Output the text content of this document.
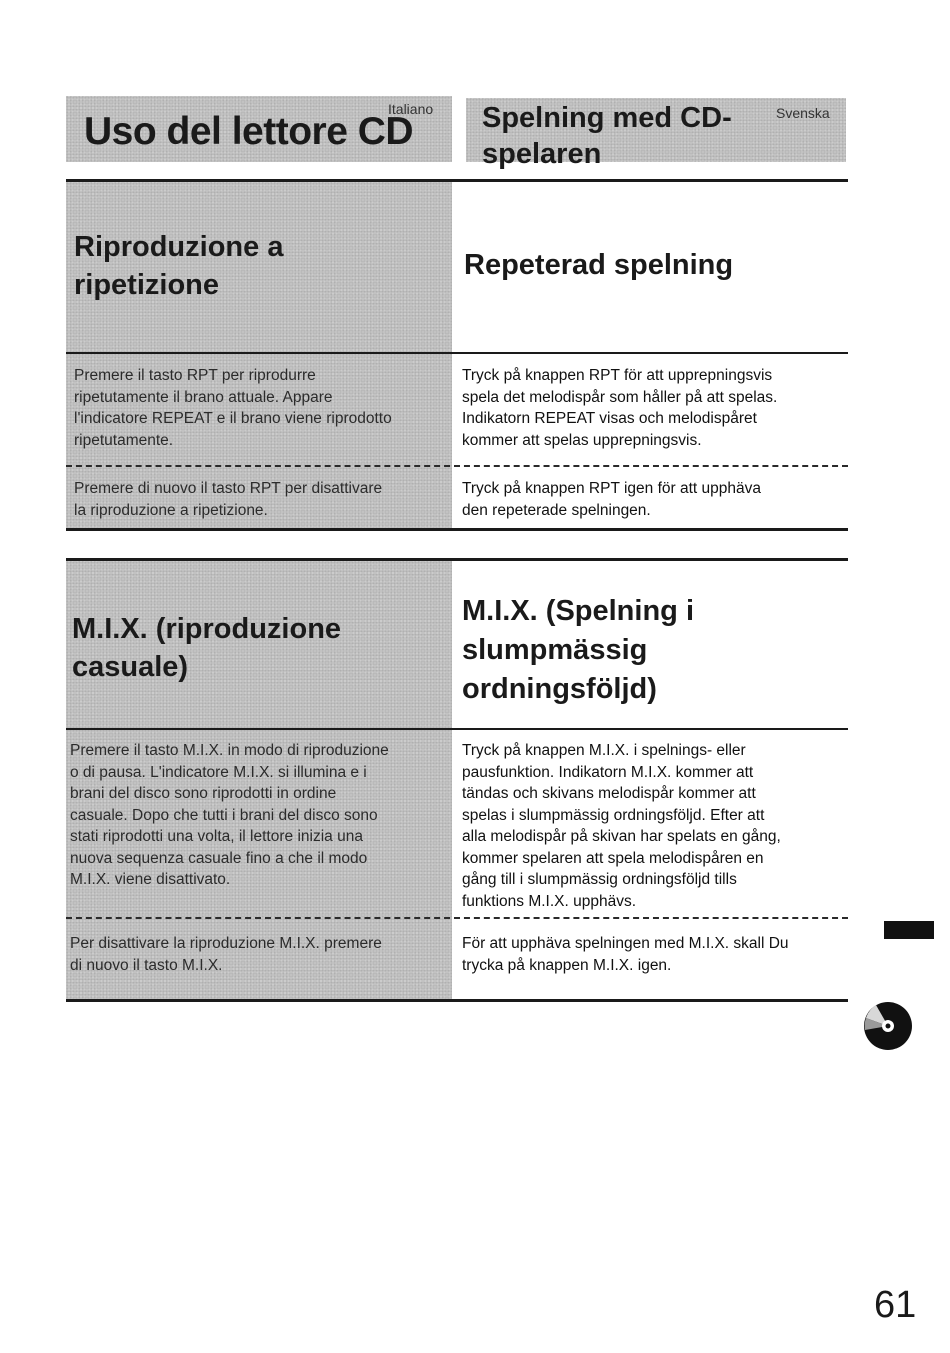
Uso del lettore CD
Italiano Spelning med CD-
spelaren
Svenska
Riproduzione a
ripetizione
Repeterad spelning
Premere il tasto RPT per riprodurre
ripetutamente il brano attuale. Appare
l'indicatore REPEAT e il brano viene riprodotto
ripetutamente.
Tryck på knappen RPT för att upprepningsvis
spela det melodispår som håller på att spelas.
Indikatorn REPEAT visas och melodispåret
kommer att spelas upprepningsvis.
Premere di nuovo il tasto RPT per disattivare
la riproduzione a ripetizione.
Tryck på knappen RPT igen för att upphäva
den repeterade spelningen.
M.I.X. (riproduzione
casuale)
M.I.X. (Spelning i
slumpmässig
ordningsföljd)
Premere il tasto M.I.X. in modo di riproduzione
o di pausa. L'indicatore M.I.X. si illumina e i
brani del disco sono riprodotti in ordine
casuale. Dopo che tutti i brani del disco sono
stati riprodotti una volta, il lettore inizia una
nuova sequenza casuale fino a che il modo
M.I.X. viene disattivato.
Tryck på knappen M.I.X. i spelnings- eller
pausfunktion. Indikatorn M.I.X. kommer att
tändas och skivans melodispår kommer att
spelas i slumpmässig ordningsföljd. Efter att
alla melodispår på skivan har spelats en gång,
kommer spelaren att spela melodispåren en
gång till i slumpmässig ordningsföljd tills
funktions M.I.X. upphävs.
Per disattivare la riproduzione M.I.X. premere
di nuovo il tasto M.I.X.
För att upphäva spelningen med M.I.X. skall Du
trycka på knappen M.I.X. igen.
61
